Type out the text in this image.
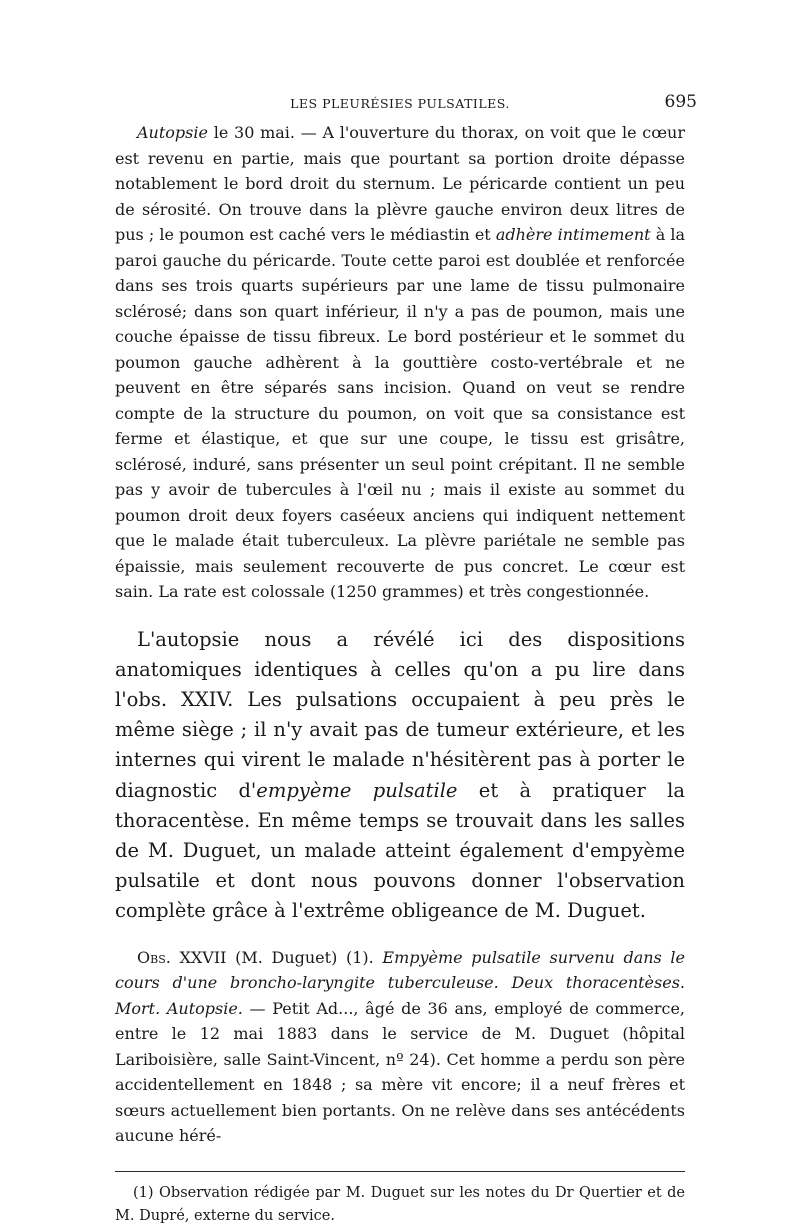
LES PLEURÉSIES PULSATILES.	695

Autopsie le 30 mai. — A l'ouverture du thorax, on voit que le cœur est revenu en partie, mais que pourtant sa portion droite dépasse notablement le bord droit du sternum. Le péricarde contient un peu de sérosité. On trouve dans la plèvre gauche environ deux litres de pus ; le poumon est caché vers le médiastin et adhère intimement à la paroi gauche du péricarde. Toute cette paroi est doublée et renforcée dans ses trois quarts supérieurs par une lame de tissu pulmonaire sclérosé; dans son quart inférieur, il n'y a pas de poumon, mais une couche épaisse de tissu fibreux. Le bord postérieur et le sommet du poumon gauche adhèrent à la gouttière costo-vertébrale et ne peuvent en être séparés sans incision. Quand on veut se rendre compte de la structure du poumon, on voit que sa consistance est ferme et élastique, et que sur une coupe, le tissu est grisâtre, sclérosé, induré, sans présenter un seul point crépitant. Il ne semble pas y avoir de tubercules à l'œil nu ; mais il existe au sommet du poumon droit deux foyers caséeux anciens qui indiquent nettement que le malade était tuberculeux. La plèvre pariétale ne semble pas épaissie, mais seulement recouverte de pus concret. Le cœur est sain. La rate est colossale (1250 grammes) et très congestionnée.

L'autopsie nous a révélé ici des dispositions anatomiques identiques à celles qu'on a pu lire dans l'obs. XXIV. Les pulsations occupaient à peu près le même siège ; il n'y avait pas de tumeur extérieure, et les internes qui virent le malade n'hésitèrent pas à porter le diagnostic d'empyème pulsatile et à pratiquer la thoracentèse. En même temps se trouvait dans les salles de M. Duguet, un malade atteint également d'empyème pulsatile et dont nous pouvons donner l'observation complète grâce à l'extrême obligeance de M. Duguet.

Obs. XXVII (M. Duguet) (1). Empyème pulsatile survenu dans le cours d'une broncho-laryngite tuberculeuse. Deux thoracentèses. Mort. Autopsie. — Petit Ad..., âgé de 36 ans, employé de commerce, entre le 12 mai 1883 dans le service de M. Duguet (hôpital Lariboisière, salle Saint-Vincent, nº 24). Cet homme a perdu son père accidentellement en 1848 ; sa mère vit encore; il a neuf frères et sœurs actuellement bien portants. On ne relève dans ses antécédents aucune héré-

(1) Observation rédigée par M. Duguet sur les notes du Dr Quertier et de M. Dupré, externe du service.
